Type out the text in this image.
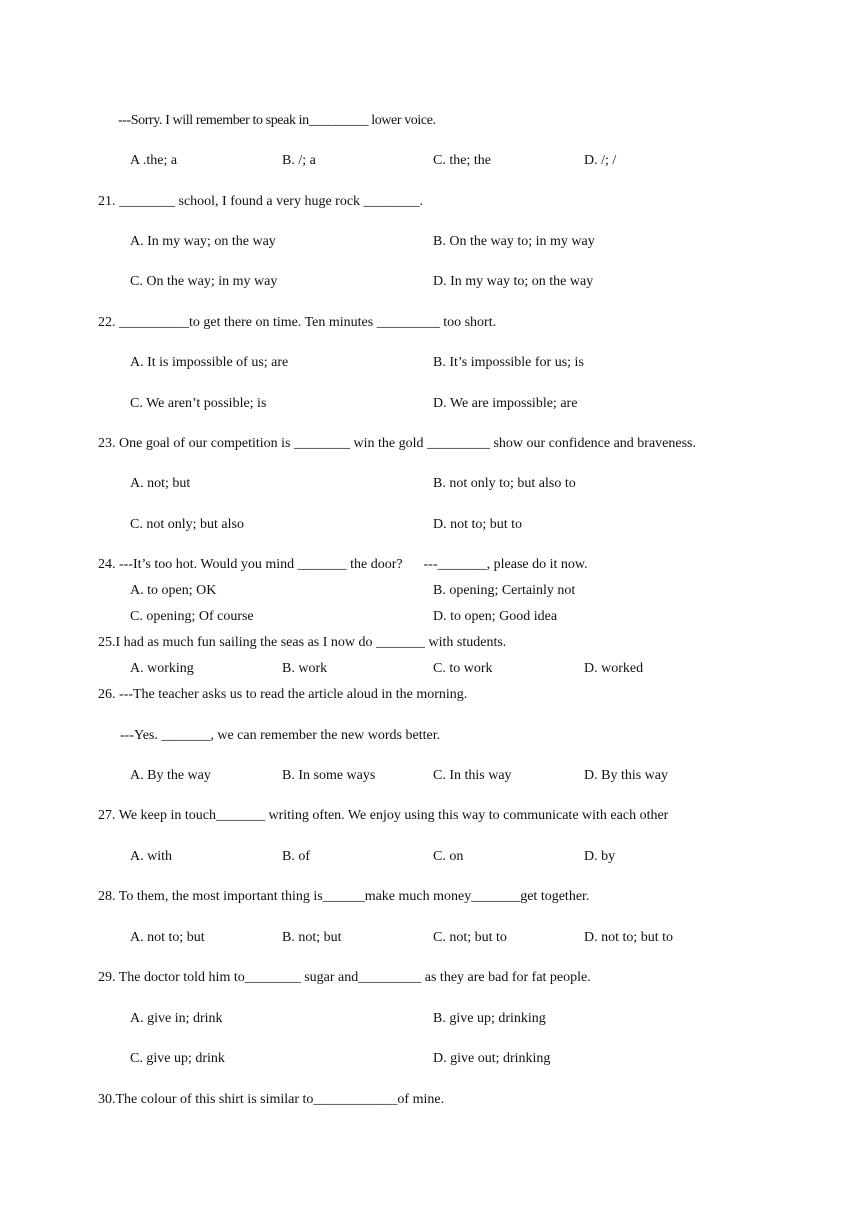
---Sorry. I will remember to speak in_________ lower voice.
A .the; a	B. /; a	C. the; the	D. /; /
21. ________ school, I found a very huge rock ________.
A. In my way; on the way	B. On the way to; in my way
C. On the way; in my way	D. In my way to; on the way
22. __________to get there on time. Ten minutes _________ too short.
A. It is impossible of us; are	B. It’s impossible for us; is
C. We aren’t possible; is	D. We are impossible; are
23. One goal of our competition is ________ win the gold _________ show our confidence and braveness.
A. not; but	B. not only to; but also to
C. not only; but also	D. not to; but to
24. ---It’s too hot. Would you mind _______ the door?      ---_______, please do it now.
A. to open; OK	B. opening; Certainly not
C. opening; Of course	D. to open; Good idea
25.I had as much fun sailing the seas as I now do _______ with students.
A. working	B. work	C. to work	D. worked
26. ---The teacher asks us to read the article aloud in the morning.
---Yes. _______, we can remember the new words better.
A. By the way	B. In some ways	C. In this way	D. By this way
27. We keep in touch_______ writing often. We enjoy using this way to communicate with each other
A. with	B. of	C. on	D. by
28. To them, the most important thing is______make much money_______get together.
A. not to; but	B. not; but	C. not; but to	D. not to; but to
29. The doctor told him to________ sugar and_________ as they are bad for fat people.
A. give in; drink	B. give up; drinking
C. give up; drink	D. give out; drinking
30.The colour of this shirt is similar to____________of mine.
